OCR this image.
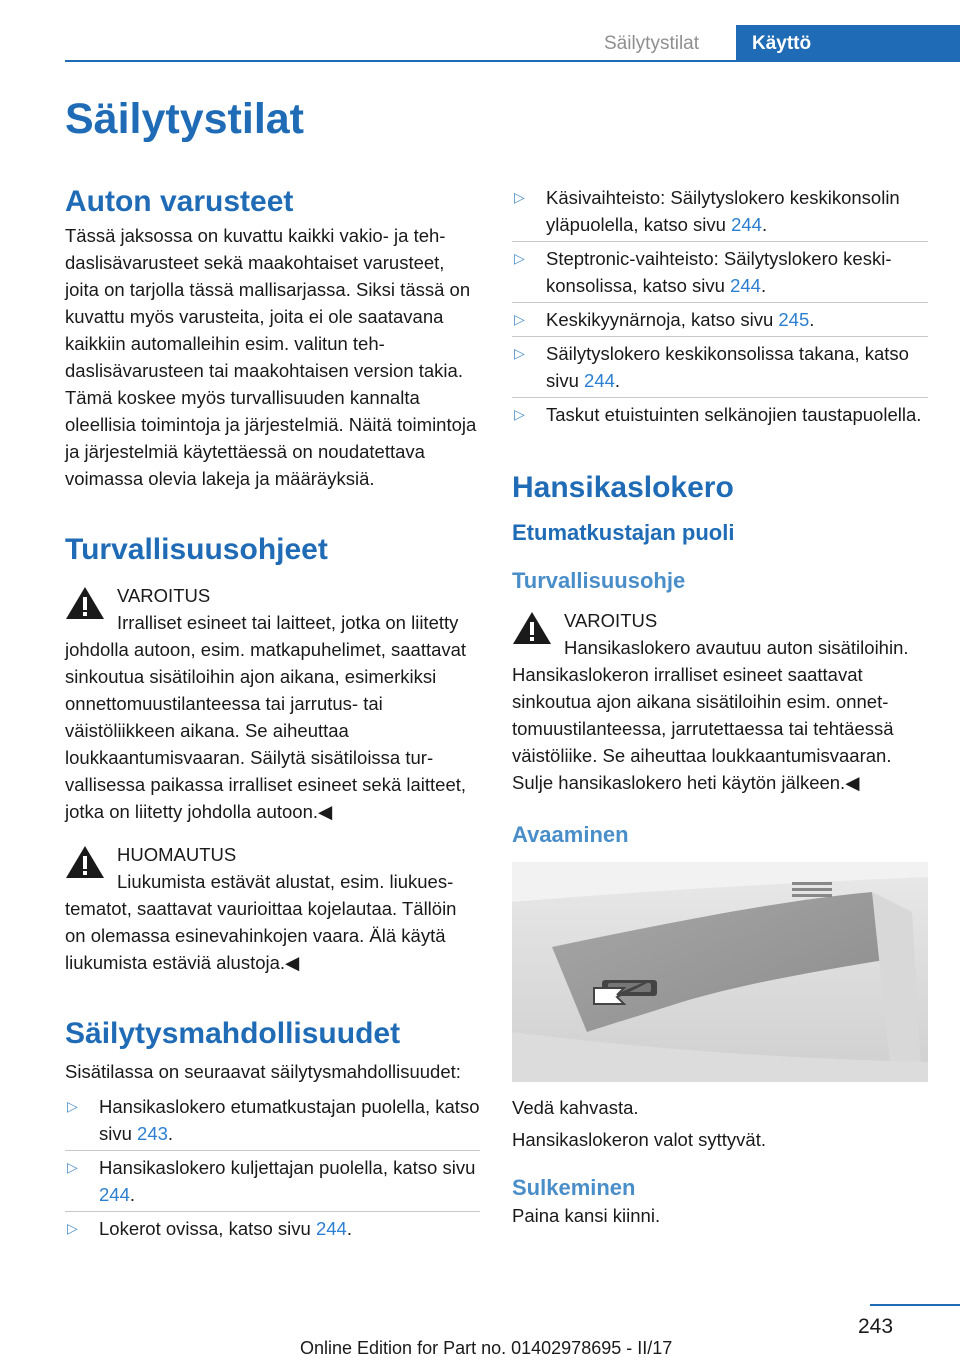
Säilytystilat	Käyttö
Säilytystilat
Auton varusteet

Tässä jaksossa on kuvattu kaikki vakio- ja tehdaslisävarusteet sekä maakohtaiset varusteet, joita on tarjolla tässä mallisarjassa. Siksi tässä on kuvattu myös varusteita, joita ei ole saatavana kaikkiin automalleihin esim. valitun tehdaslisävarusteen tai maakohtaisen version takia. Tämä koskee myös turvallisuuden kannalta oleellisia toimintoja ja järjestelmiä. Näitä toimintoja ja järjestelmiä käytettäessä on noudatettava voimassa olevia lakeja ja määräyksiä.

Turvallisuusohjeet
VAROITUS

Irralliset esineet tai laitteet, jotka on liitetty johdolla autoon, esim. matkapuhelimet, saattavat sinkoutua sisätiloihin ajon aikana, esimerkiksi onnettomuustilanteessa tai jarrutus- tai väistöliikkeen aikana. Se aiheuttaa loukkaantumisvaaran. Säilytä sisätiloissa turvallisessa paikassa irralliset esineet sekä laitteet, jotka on liitetty johdolla autoon.◀

HUOMAUTUS

Liukumista estävät alustat, esim. liukuestematot, saattavat vaurioittaa kojelautaa. Tällöin on olemassa esinevahinkojen vaara. Älä käytä liukumista estäviä alustoja.◀

Säilytysmahdollisuudet

Sisätilassa on seuraavat säilytysmahdollisuudet:

▷ Hansikaslokero etumatkustajan puolella, katso sivu 243.
▷ Hansikaslokero kuljettajan puolella, katso sivu 244.
▷ Lokerot ovissa, katso sivu 244.
▷ Käsivaihteisto: Säilytyslokero keskikonsolin yläpuolella, katso sivu 244.
▷ Steptronic-vaihteisto: Säilytyslokero keskikonsolissa, katso sivu 244.
▷ Keskikyynärnoja, katso sivu 245.
▷ Säilytyslokero keskikonsolissa takana, katso sivu 244.
▷ Taskut etuistuinten selkänojien taustapuolella.
Hansikaslokero
Etumatkustajan puoli
Turvallisuusohje
VAROITUS

Hansikaslokero avautuu auton sisätiloihin. Hansikaslokeron irralliset esineet saattavat sinkoutua ajon aikana sisätiloihin esim. onnettomuustilanteessa, jarrutettaessa tai tehtäessä väistöliike. Se aiheuttaa loukkaantumisvaaran. Sulje hansikaslokero heti käytön jälkeen.◀

Avaaminen

Vedä kahvasta.

Hansikaslokeron valot syttyvät.

Sulkeminen

Paina kansi kiinni.

243
Online Edition for Part no. 01402978695 - II/17
